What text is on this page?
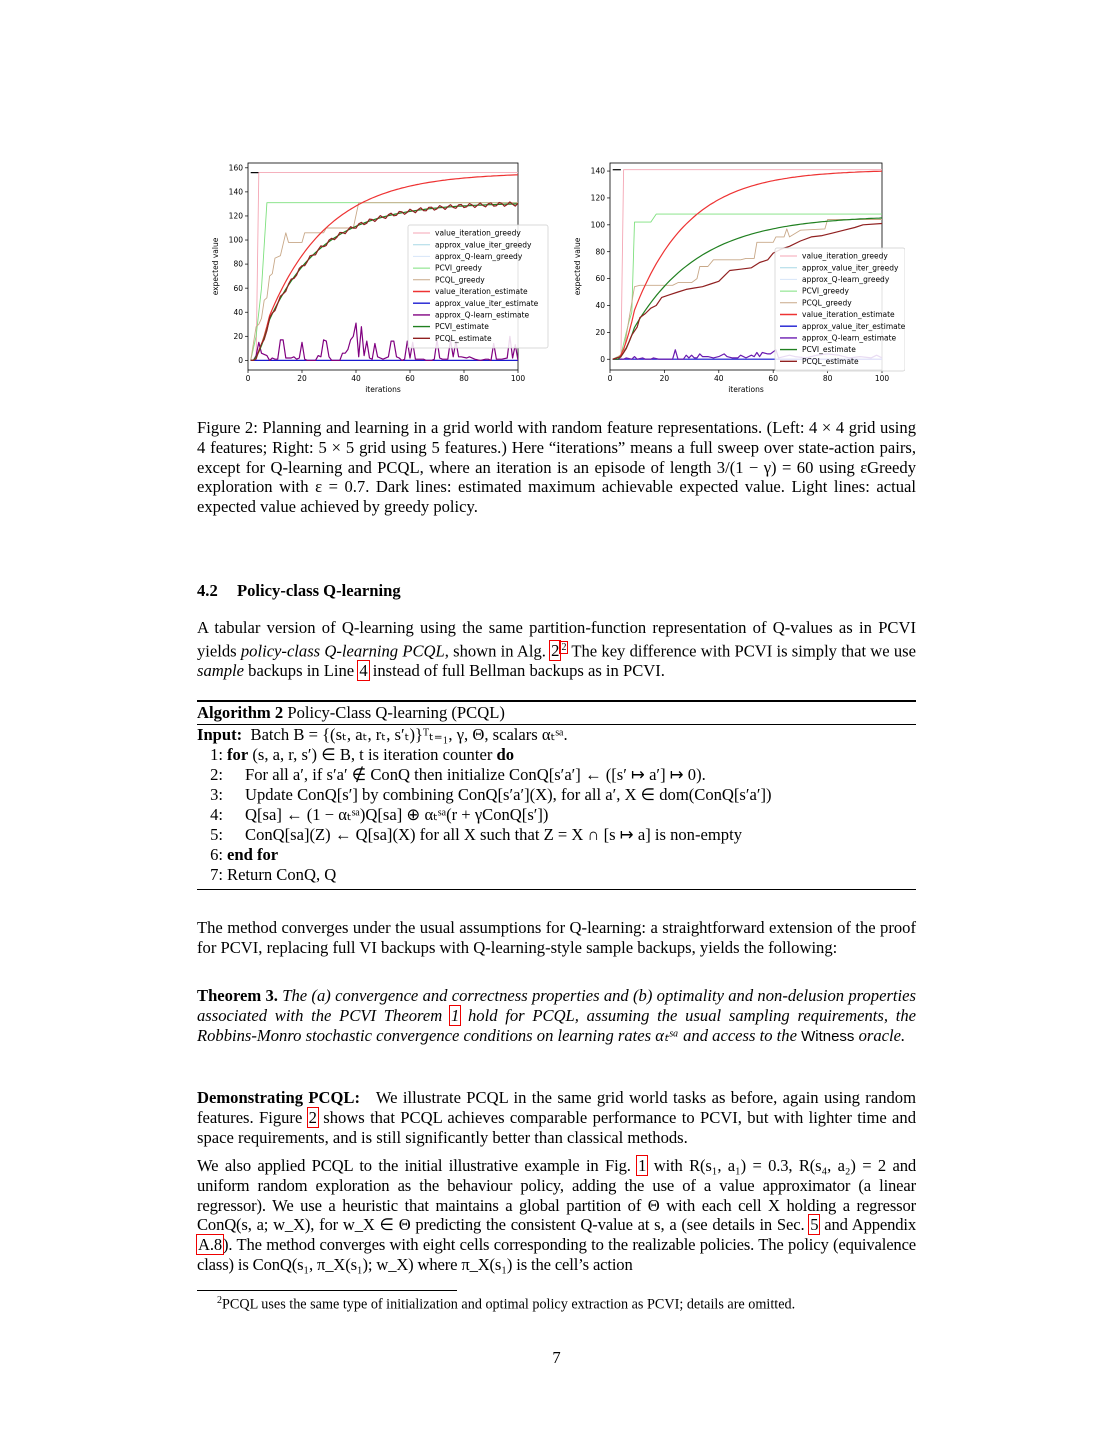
0	20	40	60	80	100
0
20
40
60
80
100
120
140
160
iterations
expected value
value_iteration_greedy
approx_value_iter_greedy
approx_Q-learn_greedy
PCVI_greedy
PCQL_greedy
value_iteration_estimate
approx_value_iter_estimate
approx_Q-learn_estimate
PCVI_estimate
PCQL_estimate
0	20	40	60	80	100
0
20
40
60
80
100
120
140
iterations
expected value	value_iteration_greedy
approx_value_iter_greedy
approx_Q-learn_greedy
PCVI_greedy
PCQL_greedy
value_iteration_estimate
approx_value_iter_estimate
approx_Q-learn_estimate
PCVI_estimate
PCQL_estimate
Figure 2: Planning and learning in a grid world with random feature representations. (Left: 4 × 4 grid using 4 features; Right: 5 × 5 grid using 5 features.) Here “iterations” means a full sweep over state-action pairs, except for Q-learning and PCQL, where an iteration is an episode of length 3/(1 − γ) = 60 using εGreedy exploration with ε = 0.7. Dark lines: estimated maximum achievable expected value. Light lines: actual expected value achieved by greedy policy.
4.2 Policy-class Q-learning
A tabular version of Q-learning using the same partition-function representation of Q-values as in PCVI yields policy-class Q-learning PCQL, shown in Alg. 2 $^2$ The key difference with PCVI is simply that we use sample backups in Line 4 instead of full Bellman backups as in PCVI.
Algorithm 2 Policy-Class Q-learning (PCQL)
Input: Batch B = {(sₜ, aₜ, rₜ, s′ₜ)}ᵀₜ₌₁, γ, Θ, scalars αₜˢᵃ.
1: for (s, a, r, s′) ∈ B, t is iteration counter do
2: For all a′, if s′a′ ∉ ConQ then initialize ConQ[s′a′] ← ([s′ ↦ a′] ↦ 0).
3: Update ConQ[s′] by combining ConQ[s′a′](X), for all a′, X ∈ dom(ConQ[s′a′])
4: Q[sa] ← (1 − αₜˢᵃ)Q[sa] ⊕ αₜˢᵃ(r + γConQ[s′])
5: ConQ[sa](Z) ← Q[sa](X) for all X such that Z = X ∩ [s ↦ a] is non-empty
6: end for
7: Return ConQ, Q
The method converges under the usual assumptions for Q-learning: a straightforward extension of the proof for PCVI, replacing full VI backups with Q-learning-style sample backups, yields the following:
Theorem 3. The (a) convergence and correctness properties and (b) optimality and non-delusion properties associated with the PCVI Theorem 1 hold for PCQL, assuming the usual sampling requirements, the Robbins-Monro stochastic convergence conditions on learning rates αₜˢᵃ and access to the Witness oracle.
Demonstrating PCQL: We illustrate PCQL in the same grid world tasks as before, again using random features. Figure 2 shows that PCQL achieves comparable performance to PCVI, but with lighter time and space requirements, and is still significantly better than classical methods.
We also applied PCQL to the initial illustrative example in Fig. 1 with R(s₁, a₁) = 0.3, R(s₄, a₂) = 2 and uniform random exploration as the behaviour policy, adding the use of a value approximator (a linear regressor). We use a heuristic that maintains a global partition of Θ with each cell X holding a regressor ConQ(s, a; w_X), for w_X ∈ Θ predicting the consistent Q-value at s, a (see details in Sec. 5 and Appendix A.8). The method converges with eight cells corresponding to the realizable policies. The policy (equivalence class) is ConQ(s₁, π_X(s₁); w_X) where π_X(s₁) is the cell’s action
$^2$PCQL uses the same type of initialization and optimal policy extraction as PCVI; details are omitted.
7
